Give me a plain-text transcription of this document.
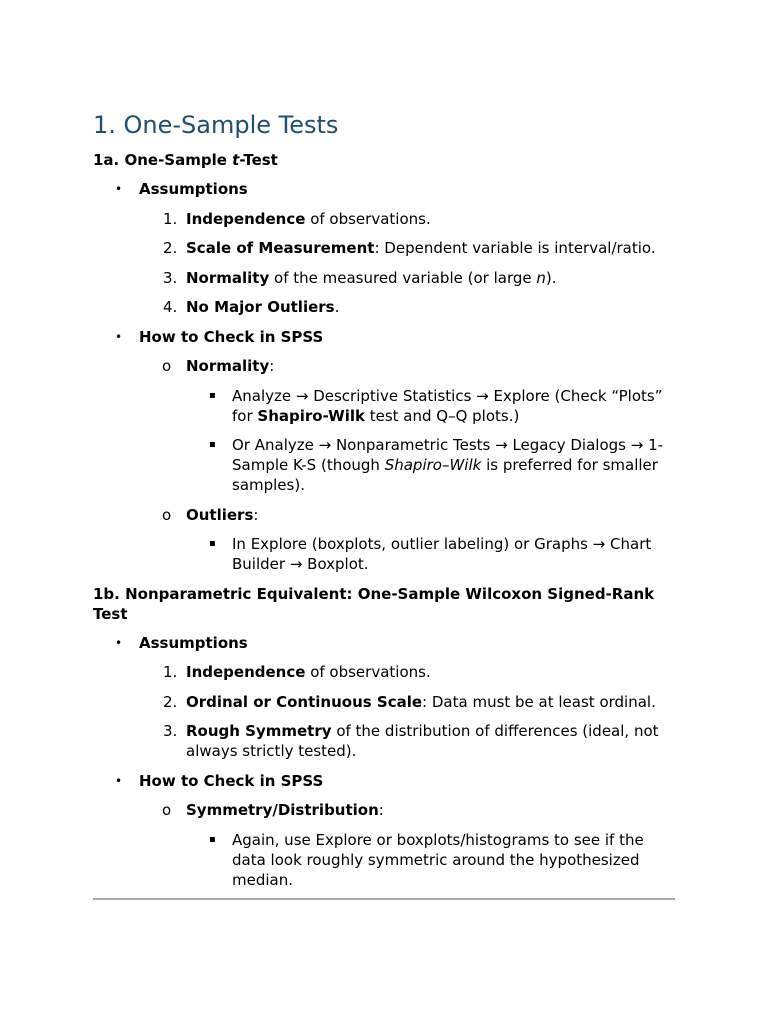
1. One-Sample Tests
1a. One-Sample t-Test
• Assumptions
1. Independence of observations.
2. Scale of Measurement: Dependent variable is interval/ratio.
3. Normality of the measured variable (or large n).
4. No Major Outliers.
• How to Check in SPSS
o Normality:
▪ Analyze → Descriptive Statistics → Explore (Check “Plots” for Shapiro-Wilk test and Q–Q plots.)
▪ Or Analyze → Nonparametric Tests → Legacy Dialogs → 1-Sample K-S (though Shapiro–Wilk is preferred for smaller samples).
o Outliers:
▪ In Explore (boxplots, outlier labeling) or Graphs → Chart Builder → Boxplot.
1b. Nonparametric Equivalent: One-Sample Wilcoxon Signed-Rank Test
• Assumptions
1. Independence of observations.
2. Ordinal or Continuous Scale: Data must be at least ordinal.
3. Rough Symmetry of the distribution of differences (ideal, not always strictly tested).
• How to Check in SPSS
o Symmetry/Distribution:
▪ Again, use Explore or boxplots/histograms to see if the data look roughly symmetric around the hypothesized median.
